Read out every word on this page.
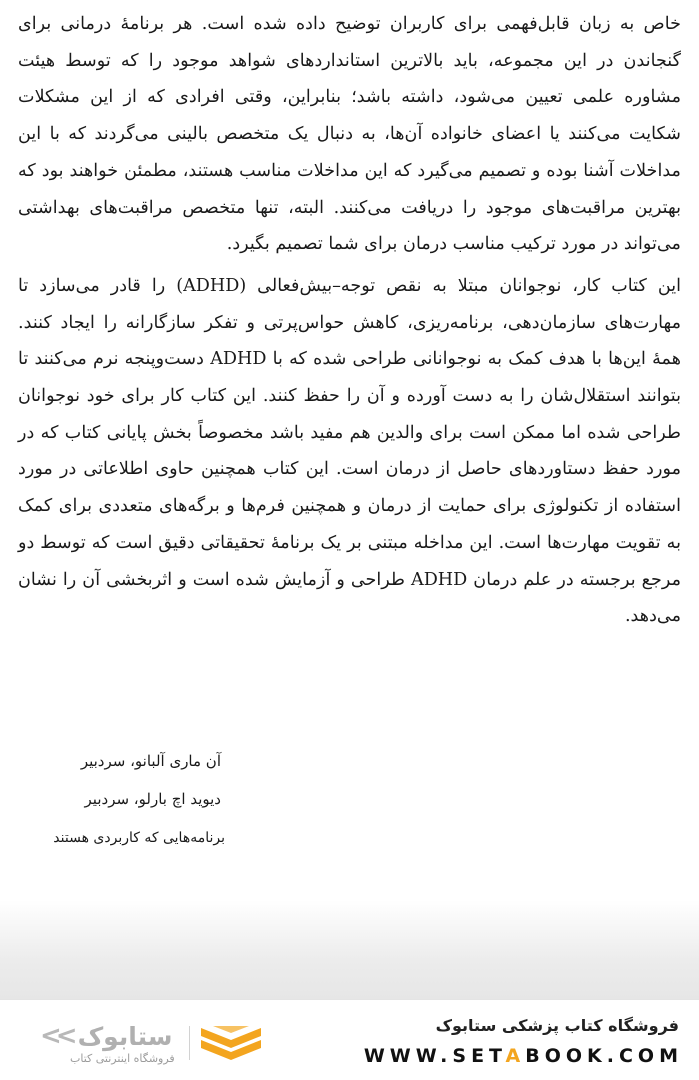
خاص به زبان قابل‌فهمی برای کاربران توضیح داده شده است. هر برنامهٔ درمانی برای گنجاندن در این مجموعه، باید بالاترین استانداردهای شواهد موجود را که توسط هیئت مشاوره علمی تعیین می‌شود، داشته باشد؛ بنابراین، وقتی افرادی که از این مشکلات شکایت می‌کنند یا اعضای خانواده آن‌ها، به دنبال یک متخصص بالینی می‌گردند که با این مداخلات آشنا بوده و تصمیم می‌گیرد که این مداخلات مناسب هستند، مطمئن خواهند بود که بهترین مراقبت‌های موجود را دریافت می‌کنند. البته، تنها متخصص مراقبت‌های بهداشتی می‌تواند در مورد ترکیب مناسب درمان برای شما تصمیم بگیرد.

این کتاب کار، نوجوانان مبتلا به نقص توجه–بیش‌فعالی (ADHD) را قادر می‌سازد تا مهارت‌های سازمان‌دهی، برنامه‌ریزی، کاهش حواس‌پرتی و تفکر سازگارانه را ایجاد کنند. همهٔ این‌ها با هدف کمک به نوجوانانی طراحی شده که با ADHD دست‌وپنجه نرم می‌کنند تا بتوانند استقلال‌شان را به دست آورده و آن را حفظ کنند. این کتاب کار برای خود نوجوانان طراحی شده اما ممکن است برای والدین هم مفید باشد مخصوصاً بخش پایانی کتاب که در مورد حفظ دستاوردهای حاصل از درمان است. این کتاب همچنین حاوی اطلاعاتی در مورد استفاده از تکنولوژی برای حمایت از درمان و همچنین فرم‌ها و برگه‌های متعددی برای کمک به تقویت مهارت‌ها است. این مداخله مبتنی بر یک برنامهٔ تحقیقاتی دقیق است که توسط دو مرجع برجسته در علم درمان ADHD طراحی و آزمایش شده است و اثربخشی آن را نشان می‌دهد.

آن ماری آلبانو، سردبیر
دیوید اچ بارلو، سردبیر
برنامه‌هایی که کاربردی هستند
<< ستابوک
فروشگاه اینترنتی کتاب
فروشگاه کتاب پزشکی ستابوک
WWW.SETABOOK.COM
